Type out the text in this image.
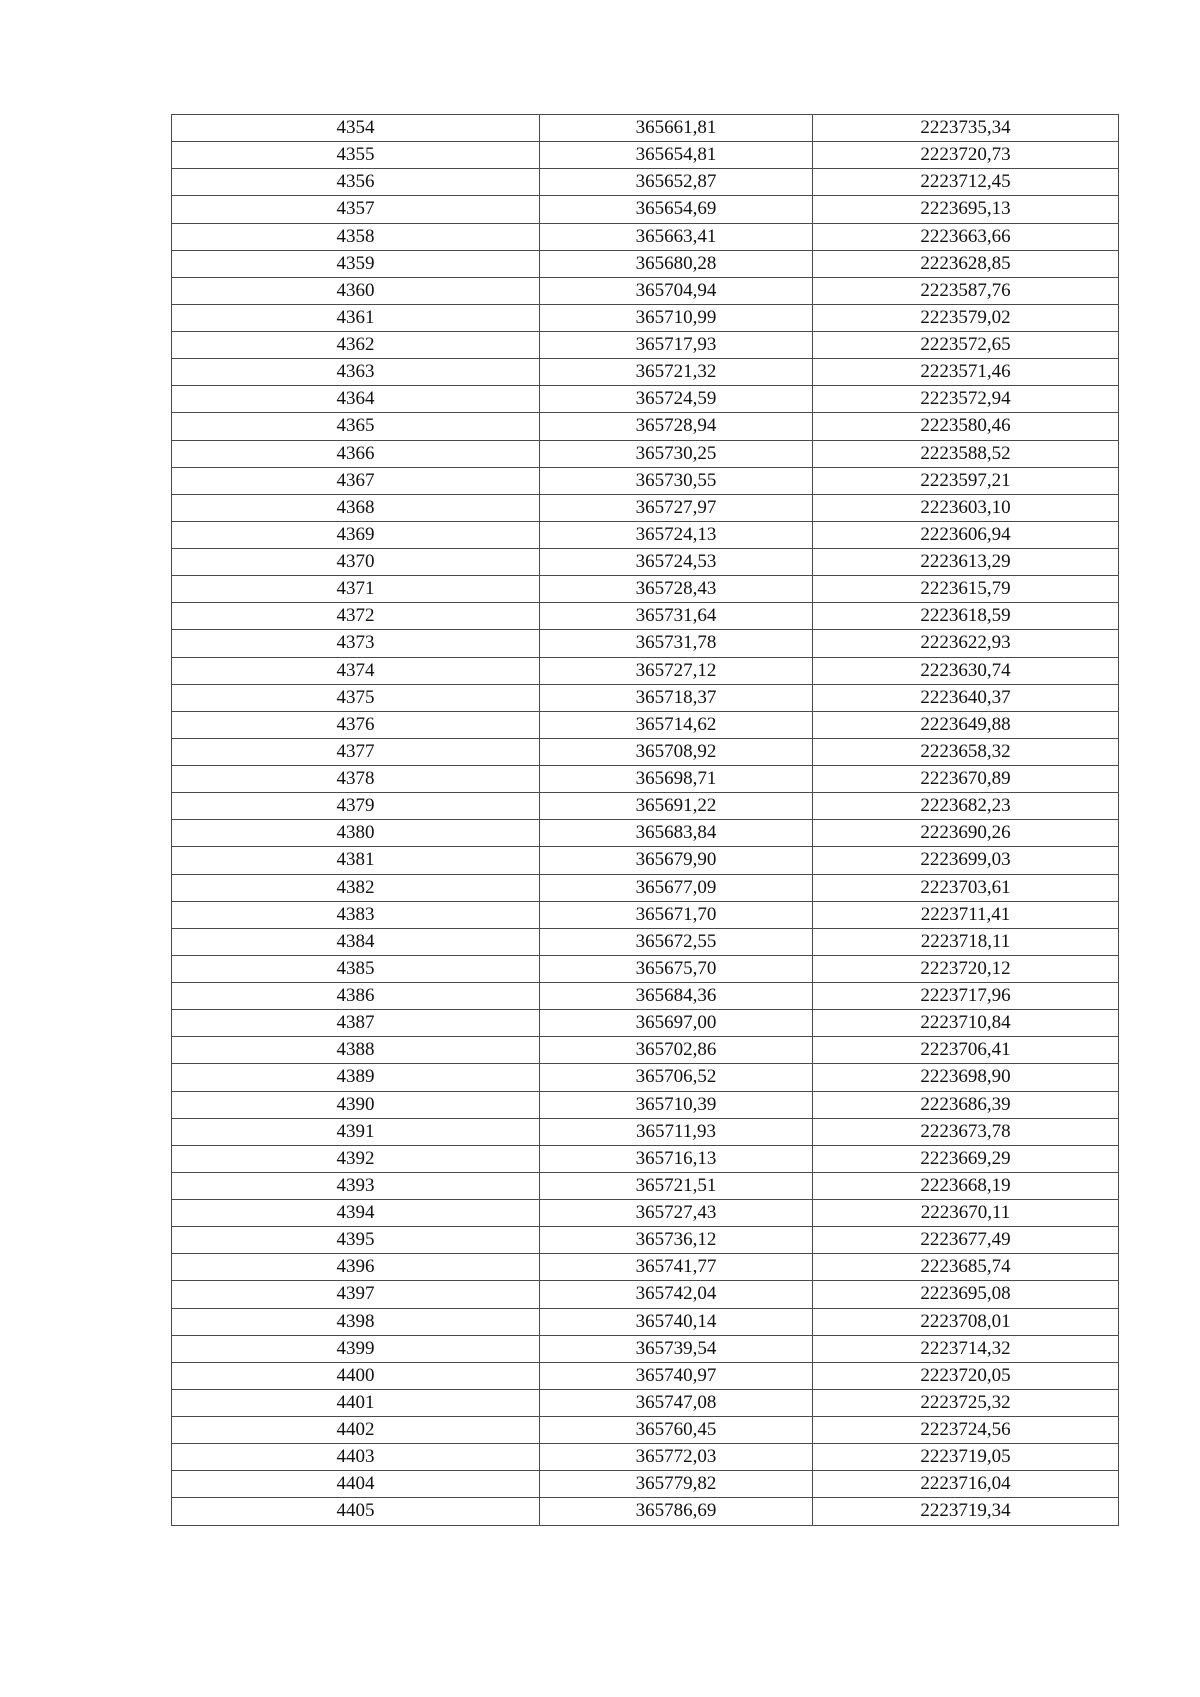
4354	365661,81	2223735,34
4355	365654,81	2223720,73
4356	365652,87	2223712,45
4357	365654,69	2223695,13
4358	365663,41	2223663,66
4359	365680,28	2223628,85
4360	365704,94	2223587,76
4361	365710,99	2223579,02
4362	365717,93	2223572,65
4363	365721,32	2223571,46
4364	365724,59	2223572,94
4365	365728,94	2223580,46
4366	365730,25	2223588,52
4367	365730,55	2223597,21
4368	365727,97	2223603,10
4369	365724,13	2223606,94
4370	365724,53	2223613,29
4371	365728,43	2223615,79
4372	365731,64	2223618,59
4373	365731,78	2223622,93
4374	365727,12	2223630,74
4375	365718,37	2223640,37
4376	365714,62	2223649,88
4377	365708,92	2223658,32
4378	365698,71	2223670,89
4379	365691,22	2223682,23
4380	365683,84	2223690,26
4381	365679,90	2223699,03
4382	365677,09	2223703,61
4383	365671,70	2223711,41
4384	365672,55	2223718,11
4385	365675,70	2223720,12
4386	365684,36	2223717,96
4387	365697,00	2223710,84
4388	365702,86	2223706,41
4389	365706,52	2223698,90
4390	365710,39	2223686,39
4391	365711,93	2223673,78
4392	365716,13	2223669,29
4393	365721,51	2223668,19
4394	365727,43	2223670,11
4395	365736,12	2223677,49
4396	365741,77	2223685,74
4397	365742,04	2223695,08
4398	365740,14	2223708,01
4399	365739,54	2223714,32
4400	365740,97	2223720,05
4401	365747,08	2223725,32
4402	365760,45	2223724,56
4403	365772,03	2223719,05
4404	365779,82	2223716,04
4405	365786,69	2223719,34
